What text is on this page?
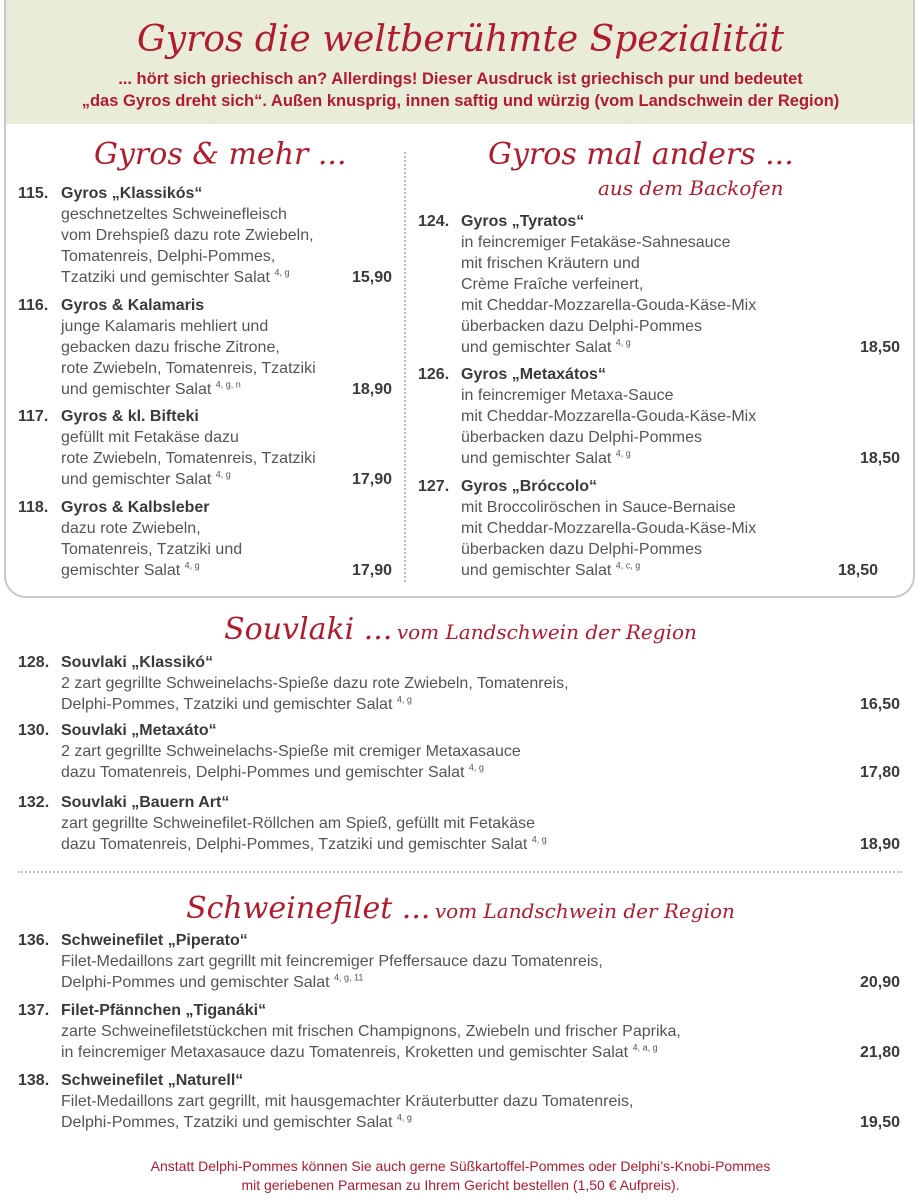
Gyros die weltberühmte Spezialität
... hört sich griechisch an? Allerdings! Dieser Ausdruck ist griechisch pur und bedeutet
„das Gyros dreht sich“. Außen knusprig, innen saftig und würzig (vom Landschwein der Region)
Gyros & mehr ...	Gyros mal anders ...
aus dem Backofen
115. Gyros „Klassikós“
geschnetzeltes Schweinefleisch
vom Drehspieß dazu rote Zwiebeln,
Tomatenreis, Delphi-Pommes,
Tzatziki und gemischter Salat $^{4, g}$	15,90
116. Gyros & Kalamaris
junge Kalamaris mehliert und
gebacken dazu frische Zitrone,
rote Zwiebeln, Tomatenreis, Tzatziki
und gemischter Salat $^{4, g, n}$	18,90
117. Gyros & kl. Bifteki
gefüllt mit Fetakäse dazu
rote Zwiebeln, Tomatenreis, Tzatziki
und gemischter Salat $^{4, g}$	17,90
118. Gyros & Kalbsleber
dazu rote Zwiebeln,
Tomatenreis, Tzatziki und
gemischter Salat $^{4, g}$	17,90
124. Gyros „Tyratos“
in feincremiger Fetakäse-Sahnesauce
mit frischen Kräutern und
Crème Fraîche verfeinert,
mit Cheddar-Mozzarella-Gouda-Käse-Mix
überbacken dazu Delphi-Pommes
und gemischter Salat $^{4, g}$	18,50
126. Gyros „Metaxátos“
in feincremiger Metaxa-Sauce
mit Cheddar-Mozzarella-Gouda-Käse-Mix
überbacken dazu Delphi-Pommes
und gemischter Salat $^{4, g}$	18,50
127. Gyros „Bróccolo“
mit Broccoliröschen in Sauce-Bernaise
mit Cheddar-Mozzarella-Gouda-Käse-Mix
überbacken dazu Delphi-Pommes
und gemischter Salat $^{4, c, g}$	18,50
Souvlaki ... vom Landschwein der Region
128. Souvlaki „Klassikó“
2 zart gegrillte Schweinelachs-Spieße dazu rote Zwiebeln, Tomatenreis,
Delphi-Pommes, Tzatziki und gemischter Salat $^{4, g}$	16,50
130. Souvlaki „Metaxáto“
2 zart gegrillte Schweinelachs-Spieße mit cremiger Metaxasauce
dazu Tomatenreis, Delphi-Pommes und gemischter Salat $^{4, g}$	17,80
132. Souvlaki „Bauern Art“
zart gegrillte Schweinefilet-Röllchen am Spieß, gefüllt mit Fetakäse
dazu Tomatenreis, Delphi-Pommes, Tzatziki und gemischter Salat $^{4, g}$	18,90
Schweinefilet ... vom Landschwein der Region
136. Schweinefilet „Piperato“
Filet-Medaillons zart gegrillt mit feincremiger Pfeffersauce dazu Tomatenreis,
Delphi-Pommes und gemischter Salat $^{4, g, 11}$	20,90
137. Filet-Pfännchen „Tiganáki“
zarte Schweinefiletstückchen mit frischen Champignons, Zwiebeln und frischer Paprika,
in feincremiger Metaxasauce dazu Tomatenreis, Kroketten und gemischter Salat $^{4, a, g}$	21,80
138. Schweinefilet „Naturell“
Filet-Medaillons zart gegrillt, mit hausgemachter Kräuterbutter dazu Tomatenreis,
Delphi-Pommes, Tzatziki und gemischter Salat $^{4, g}$	19,50
Anstatt Delphi-Pommes können Sie auch gerne Süßkartoffel-Pommes oder Delphi’s-Knobi-Pommes
mit geriebenen Parmesan zu Ihrem Gericht bestellen (1,50 € Aufpreis).
